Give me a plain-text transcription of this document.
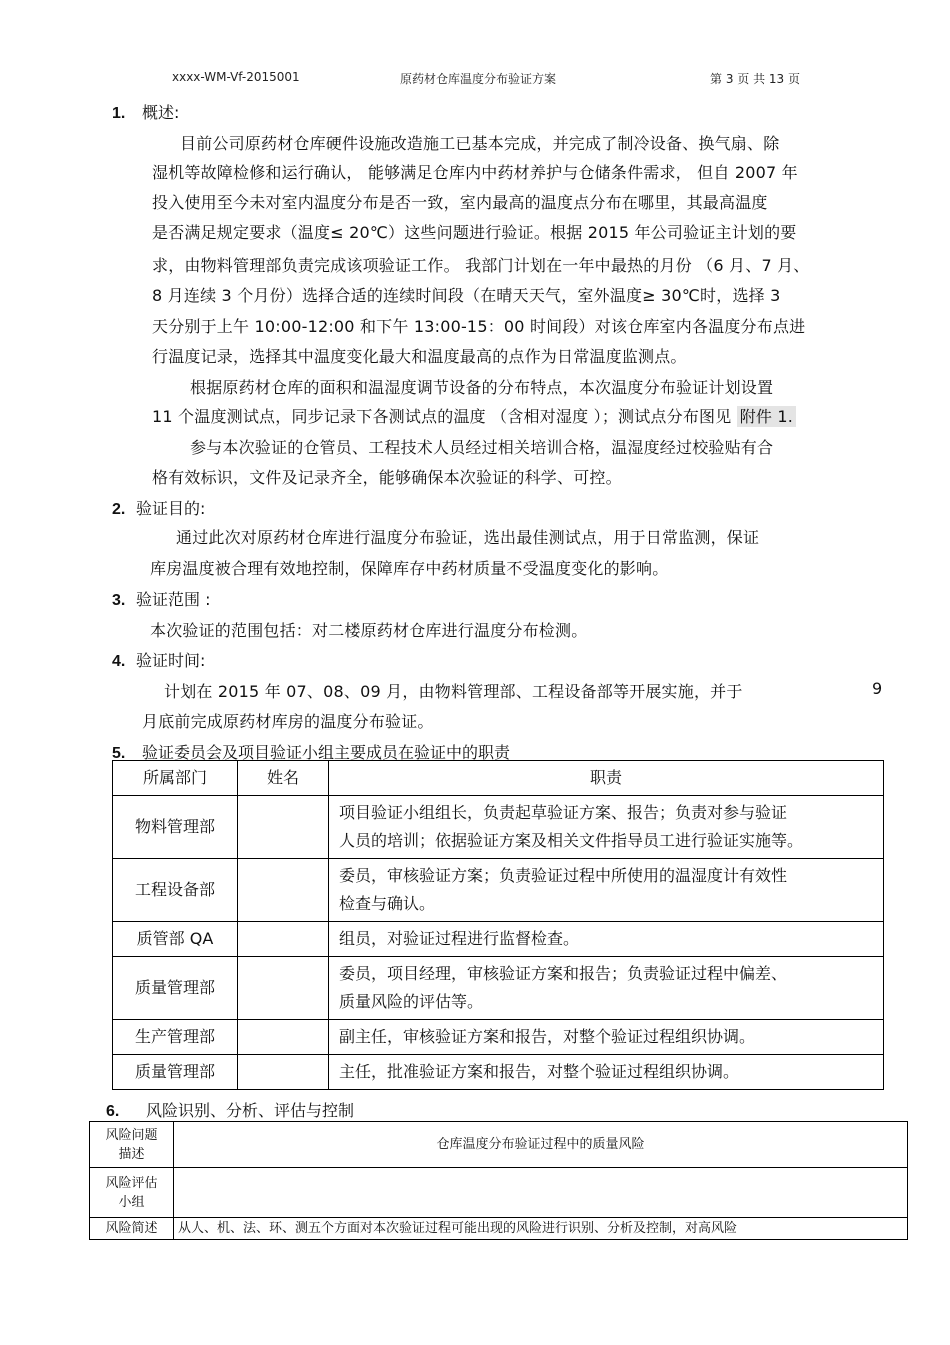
xxxx-WM-Vf-2015001	原药材仓库温度分布验证方案	第 3 页 共 13 页
1. 概述:
目前公司原药材仓库硬件设施改造施工已基本完成，并完成了制冷设备、换气扇、除
湿机等故障检修和运行确认， 能够满足仓库内中药材养护与仓储条件需求， 但自 2007 年
投入使用至今未对室内温度分布是否一致，室内最高的温度点分布在哪里，其最高温度
是否满足规定要求（温度≤ 20℃）这些问题进行验证。根据 2015 年公司验证主计划的要
求，由物料管理部负责完成该项验证工作。 我部门计划在一年中最热的月份 （6 月、7 月、
8 月连续 3 个月份）选择合适的连续时间段（在晴天天气，室外温度≥ 30℃时，选择 3
天分别于上午 10:00-12:00 和下午 13:00-15：00 时间段）对该仓库室内各温度分布点进
行温度记录，选择其中温度变化最大和温度最高的点作为日常温度监测点。
根据原药材仓库的面积和温湿度调节设备的分布特点，本次温度分布验证计划设置
11 个温度测试点，同步记录下各测试点的温度 （含相对湿度 ）；测试点分布图见 附件 1.
参与本次验证的仓管员、工程技术人员经过相关培训合格，温湿度经过校验贴有合
格有效标识，文件及记录齐全，能够确保本次验证的科学、可控。
2. 验证目的:
通过此次对原药材仓库进行温度分布验证，选出最佳测试点，用于日常监测，保证
库房温度被合理有效地控制，保障库存中药材质量不受温度变化的影响。
3. 验证范围 :
本次验证的范围包括：对二楼原药材仓库进行温度分布检测。
4. 验证时间:
计划在 2015 年 07、08、09 月，由物料管理部、工程设备部等开展实施，并于	9
月底前完成原药材库房的温度分布验证。
5. 验证委员会及项目验证小组主要成员在验证中的职责
所属部门	姓名	职责
物料管理部		项目验证小组组长，负责起草验证方案、报告；负责对参与验证
人员的培训；依据验证方案及相关文件指导员工进行验证实施等。

工程设备部		委员，审核验证方案；负责验证过程中所使用的温湿度计有效性
检查与确认。

质管部 QA		组员，对验证过程进行监督检查。

质量管理部		委员，项目经理，审核验证方案和报告；负责验证过程中偏差、
质量风险的评估等。

生产管理部		副主任，审核验证方案和报告，对整个验证过程组织协调。

质量管理部		主任，批准验证方案和报告，对整个验证过程组织协调。
6. 风险识别、分析、评估与控制
风险问题
描述	仓库温度分布验证过程中的质量风险

风险评估
小组	

风险简述	从人、机、法、环、测五个方面对本次验证过程可能出现的风险进行识别、分析及控制，对高风险
